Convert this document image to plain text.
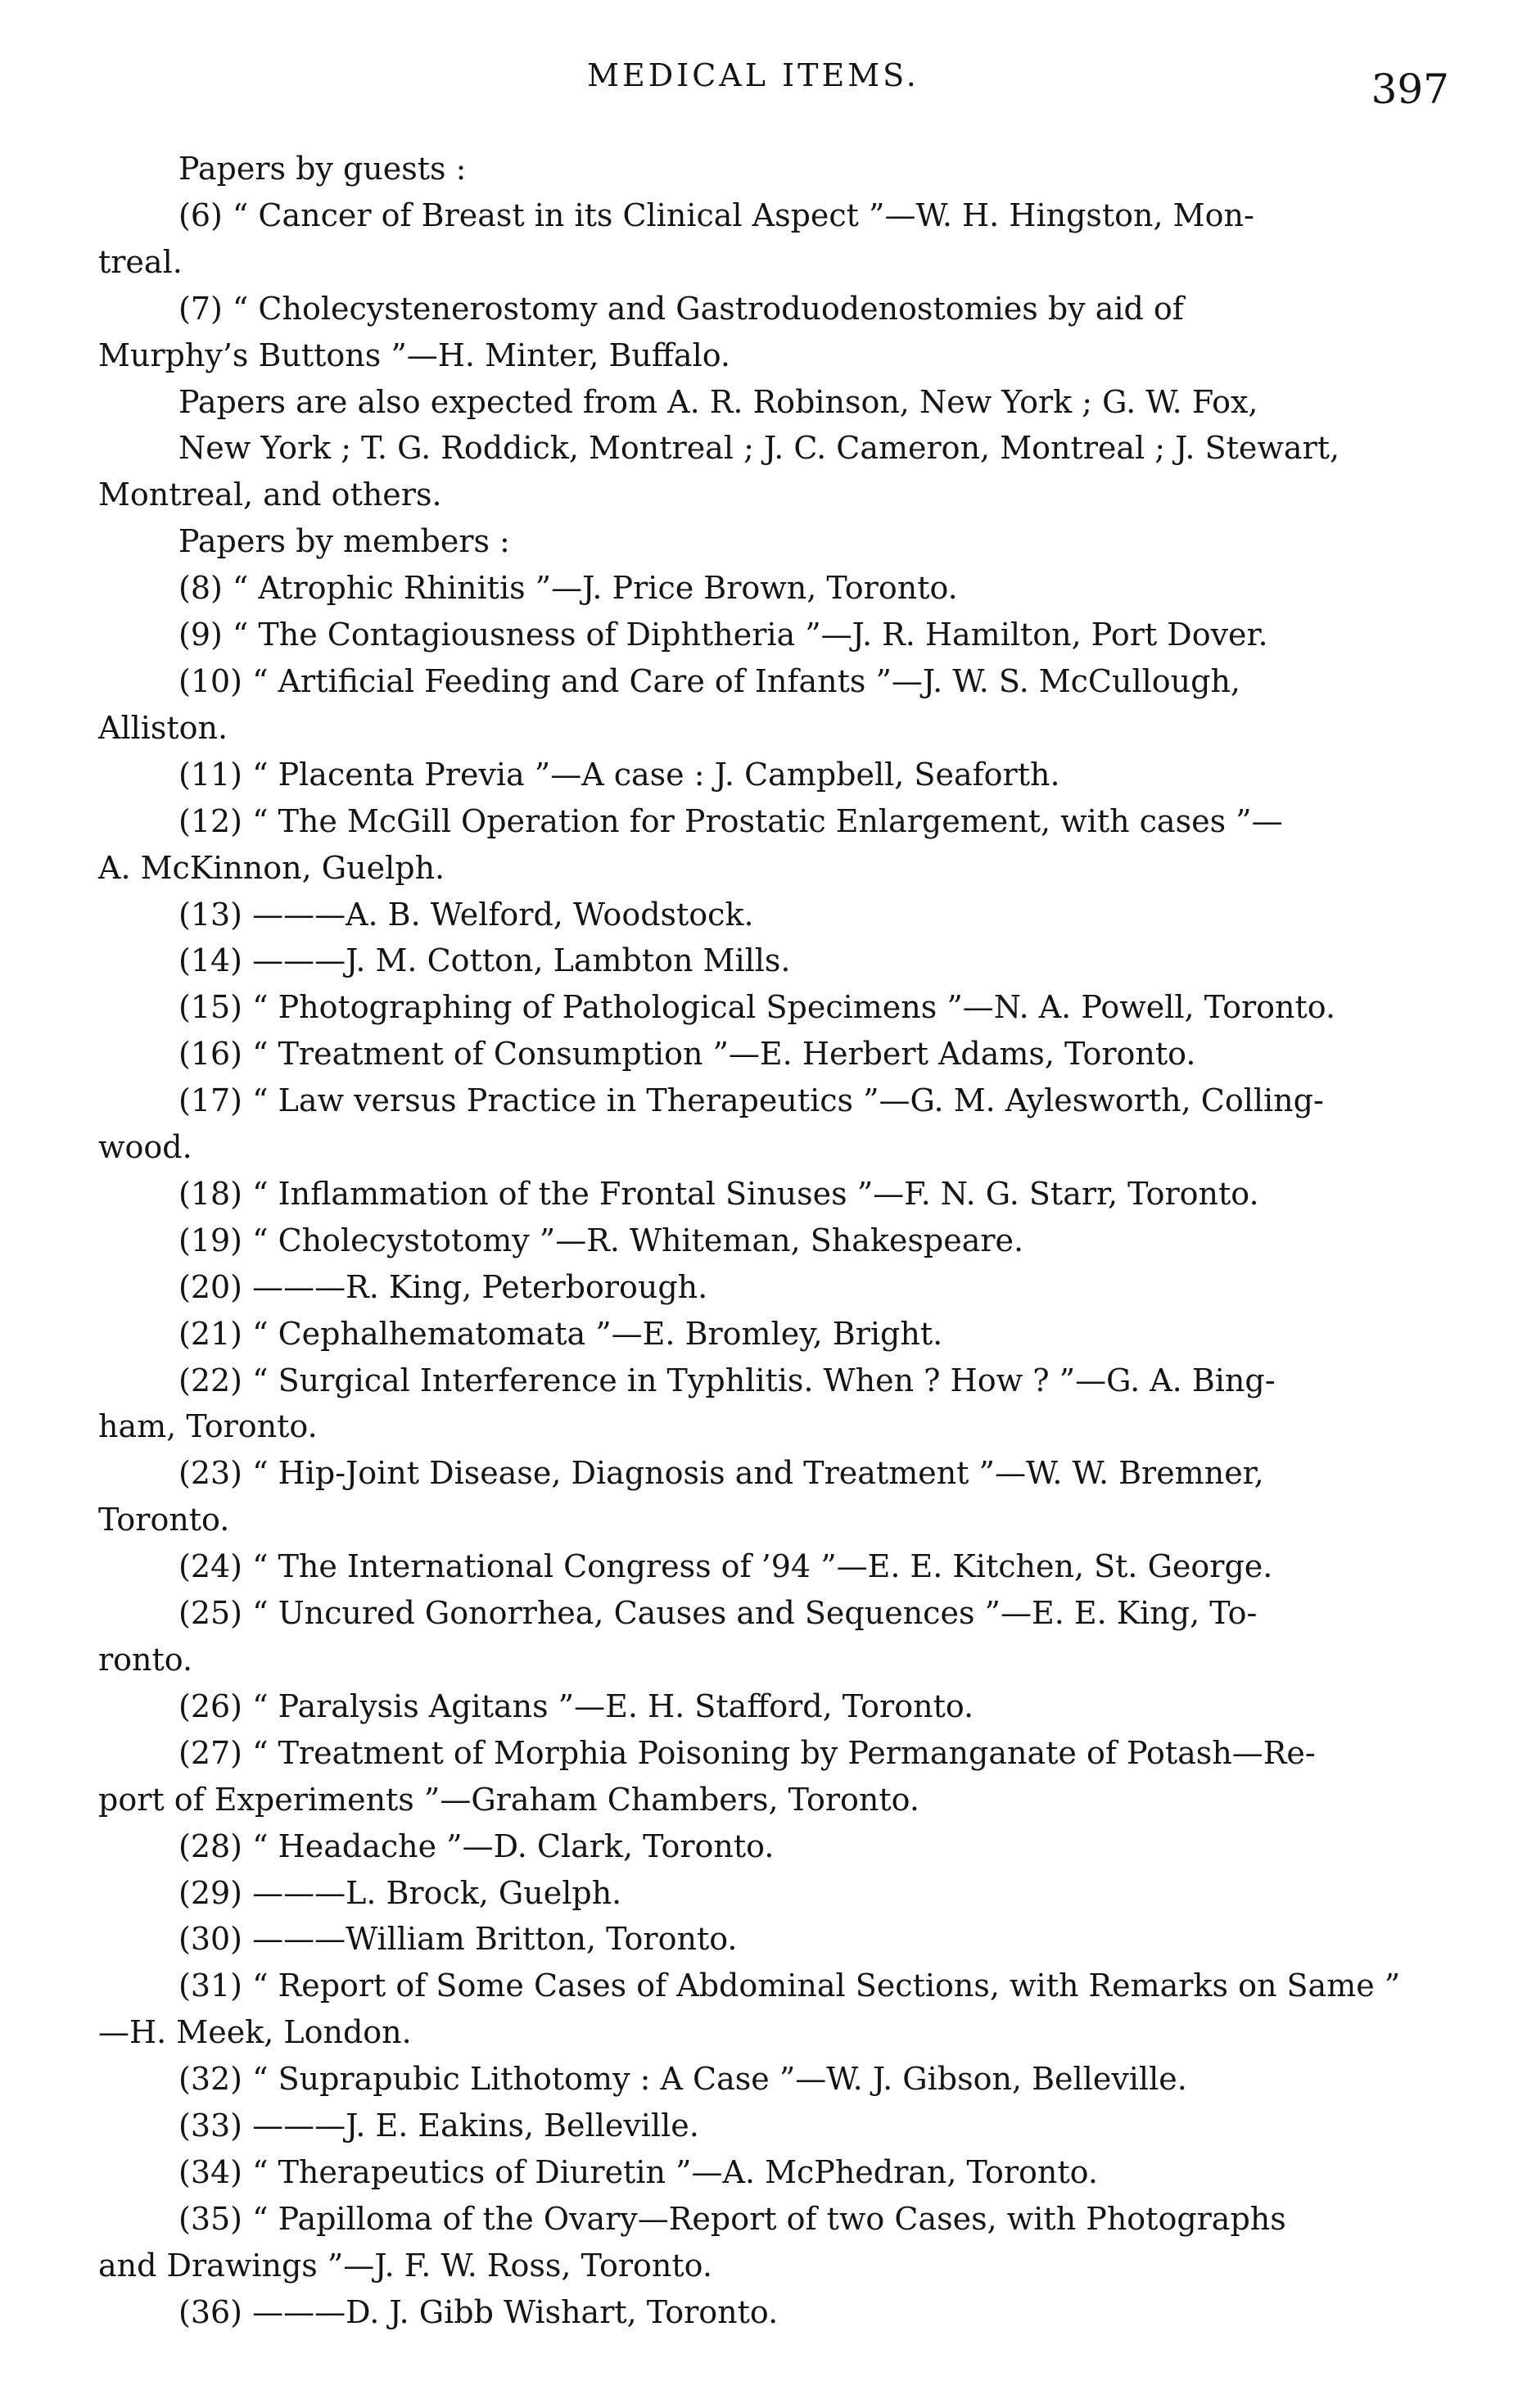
MEDICAL ITEMS.	397

Papers by guests :

(6) “ Cancer of Breast in its Clinical Aspect ”—W. H. Hingston, Mon-
treal.

(7) “ Cholecystenerostomy and Gastroduodenostomies by aid of
Murphy’s Buttons ”—H. Minter, Buffalo.

Papers are also expected from A. R. Robinson, New York ; G. W. Fox,
New York ; T. G. Roddick, Montreal ; J. C. Cameron, Montreal ; J. Stewart,
Montreal, and others.

Papers by members :

(8) “ Atrophic Rhinitis ”—J. Price Brown, Toronto.

(9) “ The Contagiousness of Diphtheria ”—J. R. Hamilton, Port Dover.

(10) “ Artificial Feeding and Care of Infants ”—J. W. S. McCullough,
Alliston.

(11) “ Placenta Previa ”—A case : J. Campbell, Seaforth.

(12) “ The McGill Operation for Prostatic Enlargement, with cases ”—
A. McKinnon, Guelph.

(13) ———A. B. Welford, Woodstock.

(14) ———J. M. Cotton, Lambton Mills.

(15) “ Photographing of Pathological Specimens ”—N. A. Powell, Toronto.

(16) “ Treatment of Consumption ”—E. Herbert Adams, Toronto.

(17) “ Law versus Practice in Therapeutics ”—G. M. Aylesworth, Colling-
wood.

(18) “ Inflammation of the Frontal Sinuses ”—F. N. G. Starr, Toronto.

(19) “ Cholecystotomy ”—R. Whiteman, Shakespeare.

(20) ———R. King, Peterborough.

(21) “ Cephalhematomata ”—E. Bromley, Bright.

(22) “ Surgical Interference in Typhlitis. When ? How ? ”—G. A. Bing-
ham, Toronto.

(23) “ Hip-Joint Disease, Diagnosis and Treatment ”—W. W. Bremner,
Toronto.

(24) “ The International Congress of ’94 ”—E. E. Kitchen, St. George.

(25) “ Uncured Gonorrhea, Causes and Sequences ”—E. E. King, To-
ronto.

(26) “ Paralysis Agitans ”—E. H. Stafford, Toronto.

(27) “ Treatment of Morphia Poisoning by Permanganate of Potash—Re-
port of Experiments ”—Graham Chambers, Toronto.

(28) “ Headache ”—D. Clark, Toronto.

(29) ———L. Brock, Guelph.

(30) ———William Britton, Toronto.

(31) “ Report of Some Cases of Abdominal Sections, with Remarks on Same ”
—H. Meek, London.

(32) “ Suprapubic Lithotomy : A Case ”—W. J. Gibson, Belleville.

(33) ———J. E. Eakins, Belleville.

(34) “ Therapeutics of Diuretin ”—A. McPhedran, Toronto.

(35) “ Papilloma of the Ovary—Report of two Cases, with Photographs
and Drawings ”—J. F. W. Ross, Toronto.

(36) ———D. J. Gibb Wishart, Toronto.
